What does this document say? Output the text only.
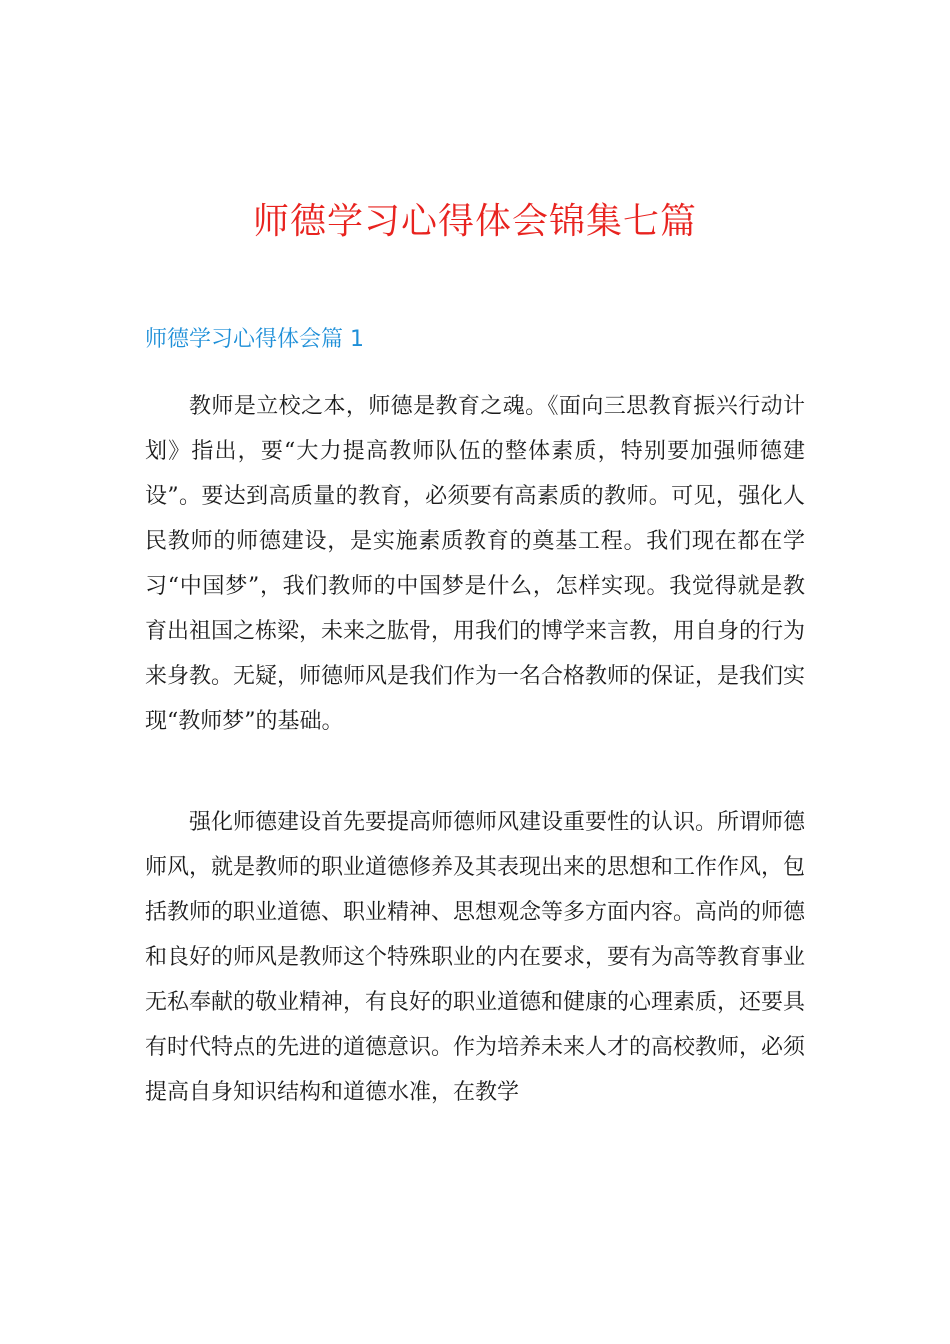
师德学习心得体会锦集七篇
师德学习心得体会篇 1

教师是立校之本，师德是教育之魂。《面向三思教育振兴行动计划》指出，要“大力提高教师队伍的整体素质，特别要加强师德建设”。要达到高质量的教育，必须要有高素质的教师。可见，强化人民教师的师德建设，是实施素质教育的奠基工程。我们现在都在学习“中国梦”，我们教师的中国梦是什么，怎样实现。我觉得就是教育出祖国之栋梁，未来之肱骨，用我们的博学来言教，用自身的行为来身教。无疑，师德师风是我们作为一名合格教师的保证，是我们实现“教师梦”的基础。

强化师德建设首先要提高师德师风建设重要性的认识。所谓师德师风，就是教师的职业道德修养及其表现出来的思想和工作作风，包括教师的职业道德、职业精神、思想观念等多方面内容。高尚的师德和良好的师风是教师这个特殊职业的内在要求，要有为高等教育事业无私奉献的敬业精神，有良好的职业道德和健康的心理素质，还要具有时代特点的先进的道德意识。作为培养未来人才的高校教师，必须提高自身知识结构和道德水准，在教学
